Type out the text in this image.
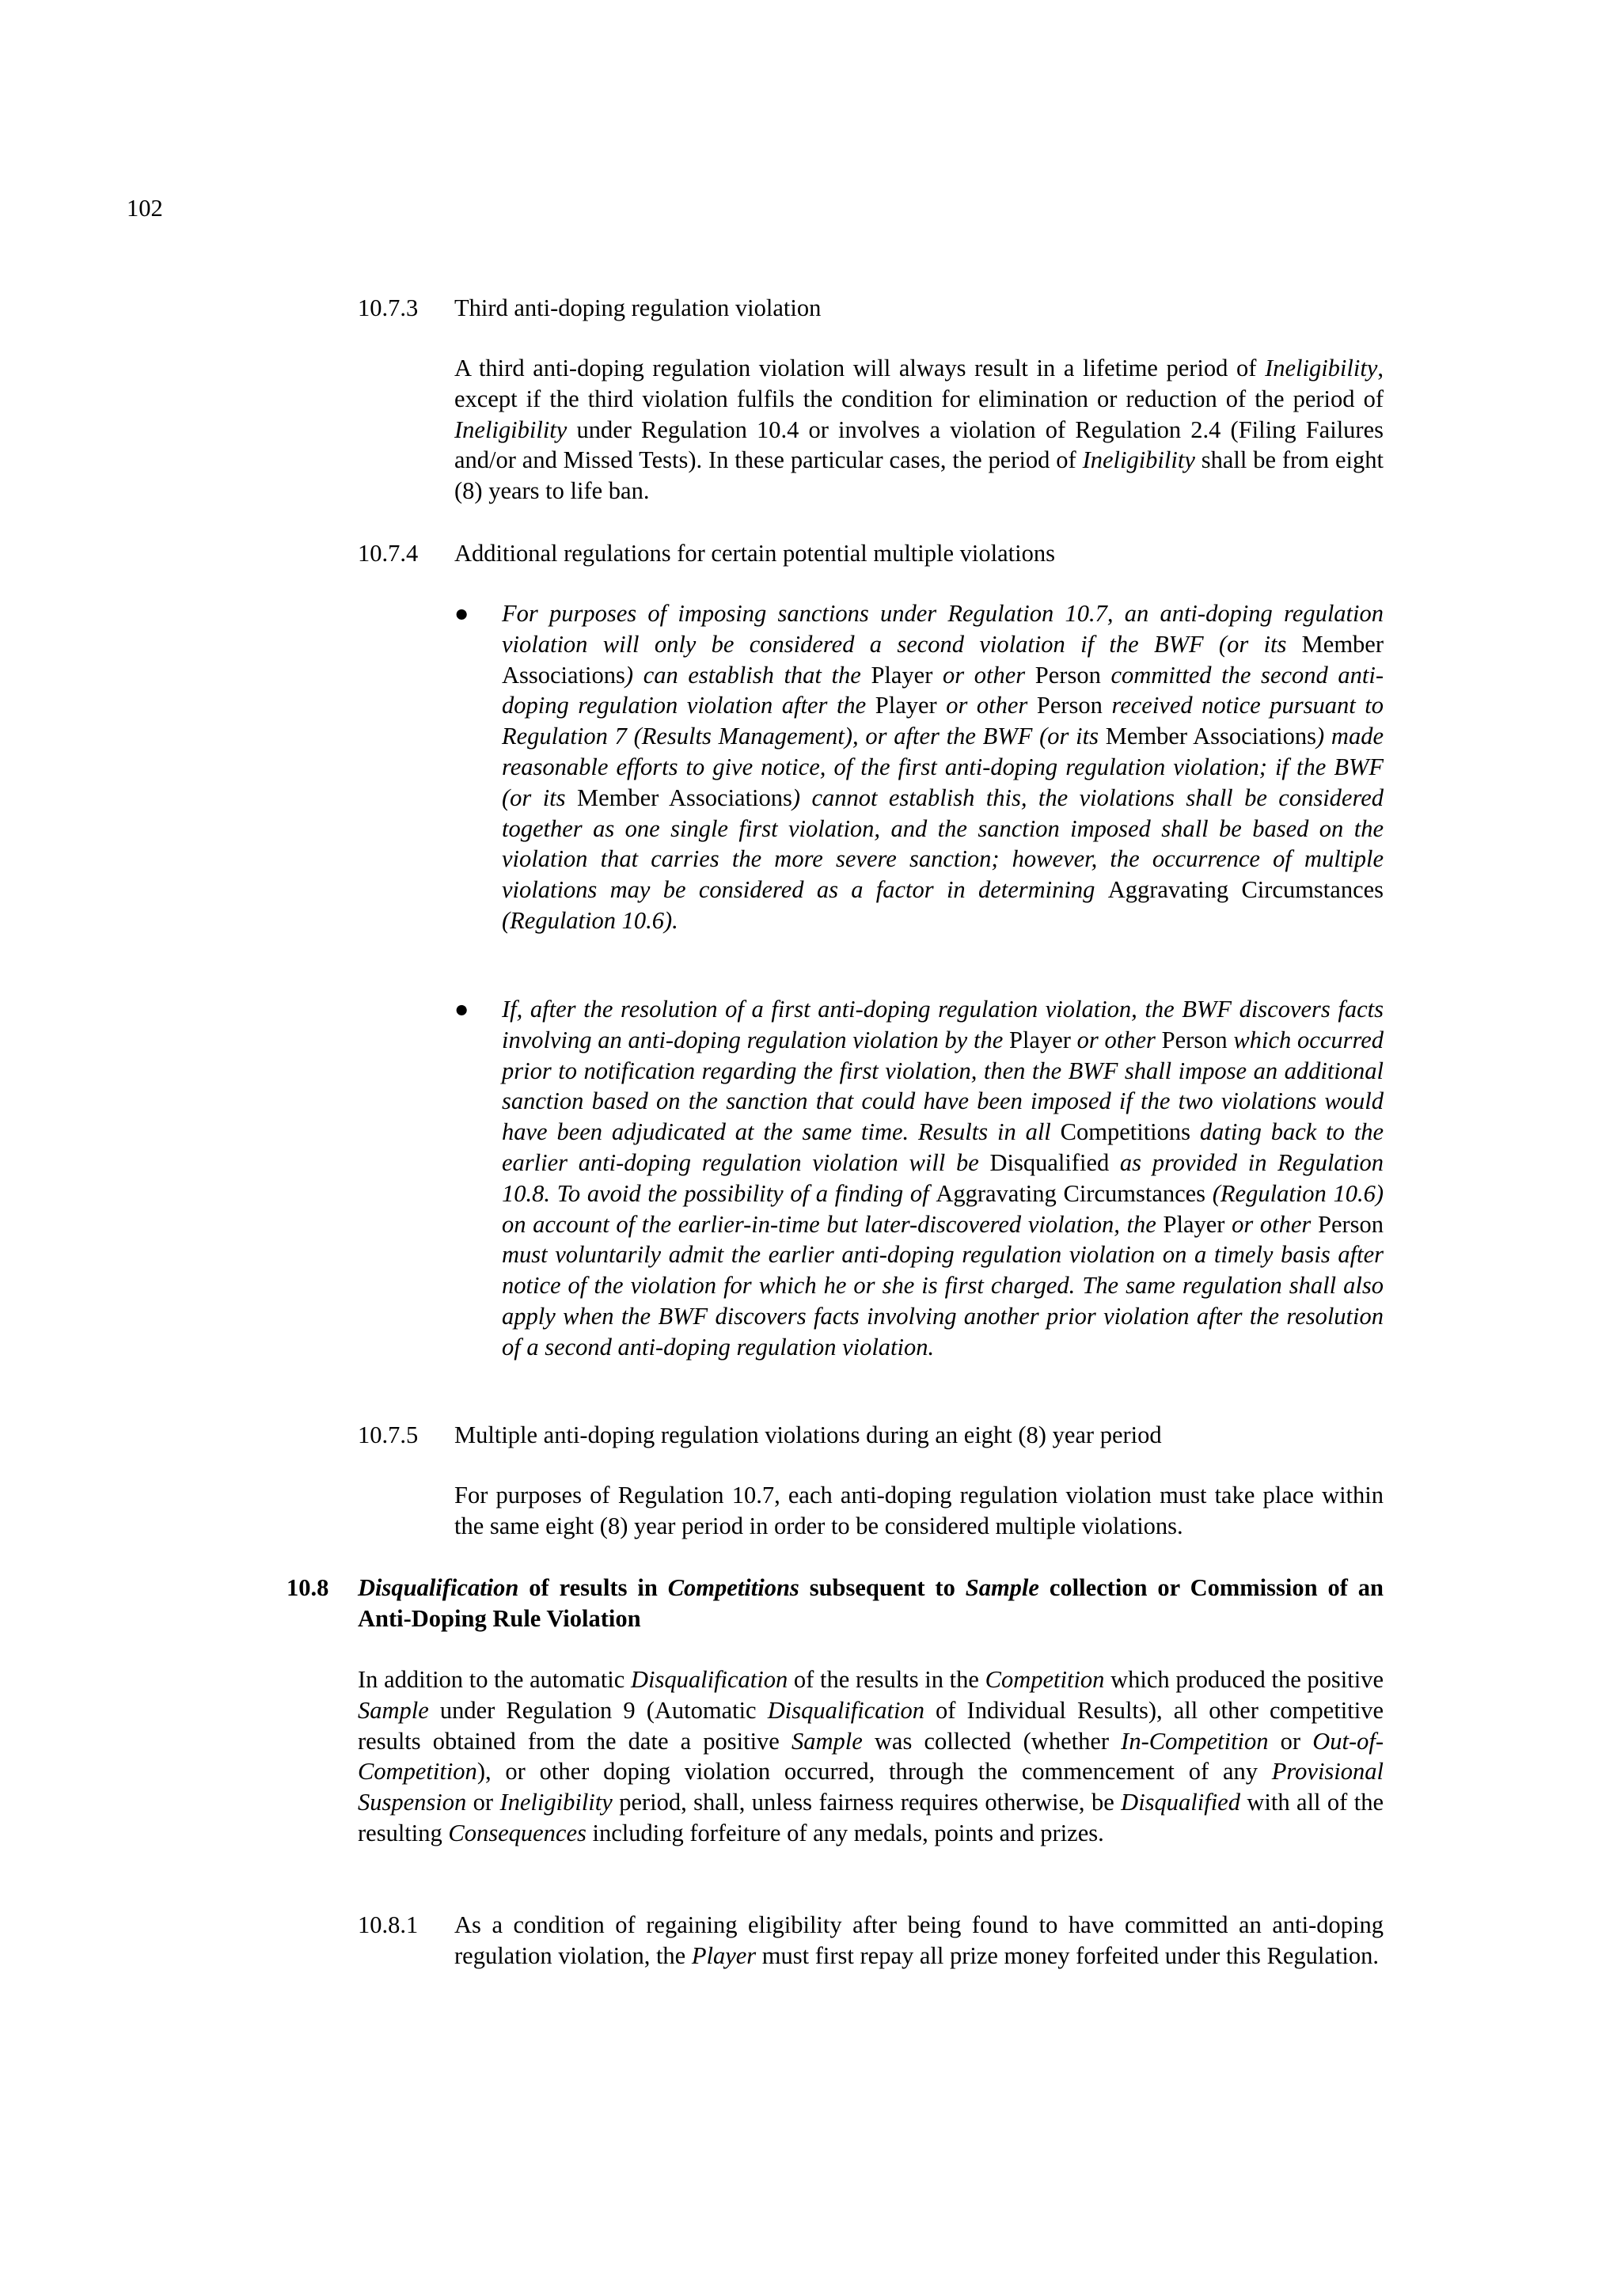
102
10.7.3 Third anti-doping regulation violation
A third anti-doping regulation violation will always result in a lifetime period of Ineligibility, except if the third violation fulfils the condition for elimination or reduction of the period of Ineligibility under Regulation 10.4 or involves a violation of Regulation 2.4 (Filing Failures and/or and Missed Tests). In these particular cases, the period of Ineligibility shall be from eight (8) years to life ban.
10.7.4 Additional regulations for certain potential multiple violations
●	For purposes of imposing sanctions under Regulation 10.7, an anti-doping regulation violation will only be considered a second violation if the BWF (or its Member Associations) can establish that the Player or other Person committed the second anti-doping regulation violation after the Player or other Person received notice pursuant to Regulation 7 (Results Management), or after the BWF (or its Member Associations) made reasonable efforts to give notice, of the first anti-doping regulation violation; if the BWF (or its Member Associations) cannot establish this, the violations shall be considered together as one single first violation, and the sanction imposed shall be based on the violation that carries the more severe sanction; however, the occurrence of multiple violations may be considered as a factor in determining Aggravating Circumstances (Regulation 10.6).
●	If, after the resolution of a first anti-doping regulation violation, the BWF discovers facts involving an anti-doping regulation violation by the Player or other Person which occurred prior to notification regarding the first violation, then the BWF shall impose an additional sanction based on the sanction that could have been imposed if the two violations would have been adjudicated at the same time. Results in all Competitions dating back to the earlier anti-doping regulation violation will be Disqualified as provided in Regulation 10.8. To avoid the possibility of a finding of Aggravating Circumstances (Regulation 10.6) on account of the earlier-in-time but later-discovered violation, the Player or other Person must voluntarily admit the earlier anti-doping regulation violation on a timely basis after notice of the violation for which he or she is first charged. The same regulation shall also apply when the BWF discovers facts involving another prior violation after the resolution of a second anti-doping regulation violation.
10.7.5 Multiple anti-doping regulation violations during an eight (8) year period
For purposes of Regulation 10.7, each anti-doping regulation violation must take place within the same eight (8) year period in order to be considered multiple violations.
10.8 Disqualification of results in Competitions subsequent to Sample collection or Commission of an Anti-Doping Rule Violation
In addition to the automatic Disqualification of the results in the Competition which produced the positive Sample under Regulation 9 (Automatic Disqualification of Individual Results), all other competitive results obtained from the date a positive Sample was collected (whether In-Competition or Out-of-Competition), or other doping violation occurred, through the commencement of any Provisional Suspension or Ineligibility period, shall, unless fairness requires otherwise, be Disqualified with all of the resulting Consequences including forfeiture of any medals, points and prizes.
10.8.1 As a condition of regaining eligibility after being found to have committed an anti-doping regulation violation, the Player must first repay all prize money forfeited under this Regulation.
